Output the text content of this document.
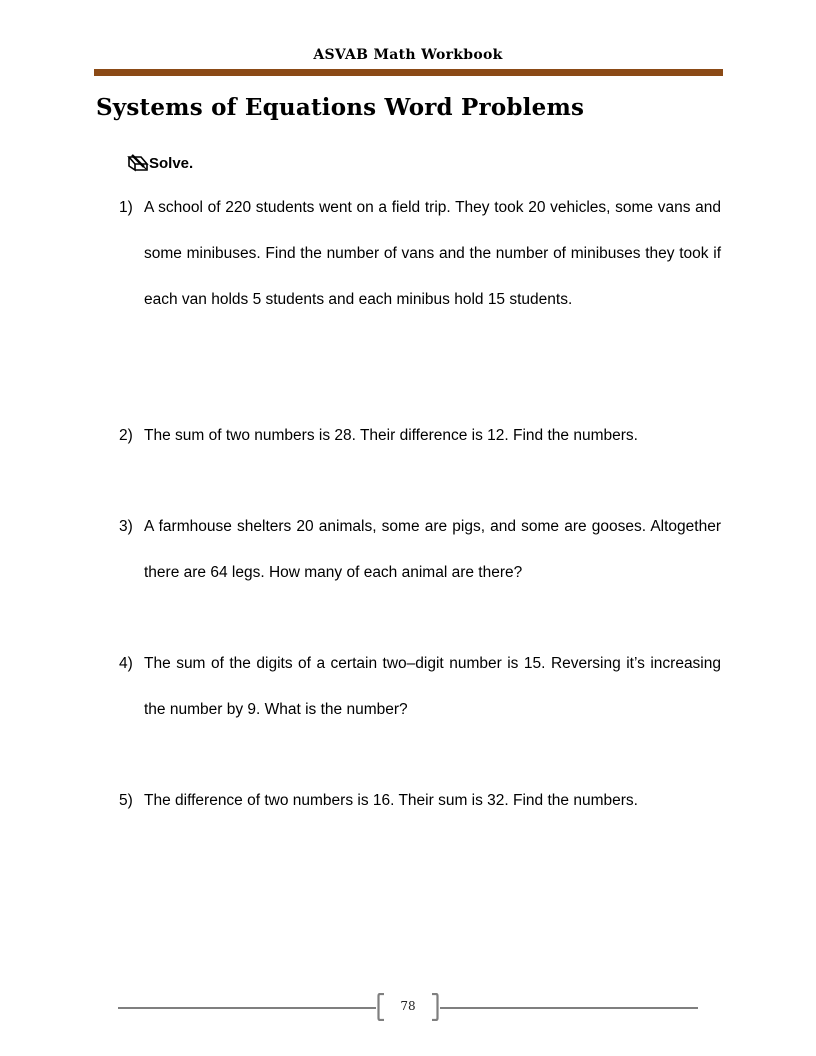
ASVAB Math Workbook
Systems of Equations Word Problems
Solve.
1) A school of 220 students went on a field trip. They took 20 vehicles, some vans and some minibuses. Find the number of vans and the number of minibuses they took if each van holds 5 students and each minibus hold 15 students.
2) The sum of two numbers is 28. Their difference is 12. Find the numbers.
3) A farmhouse shelters 20 animals, some are pigs, and some are gooses. Altogether there are 64 legs. How many of each animal are there?
4) The sum of the digits of a certain two–digit number is 15. Reversing it’s increasing the number by 9. What is the number?
5) The difference of two numbers is 16. Their sum is 32. Find the numbers.
78
